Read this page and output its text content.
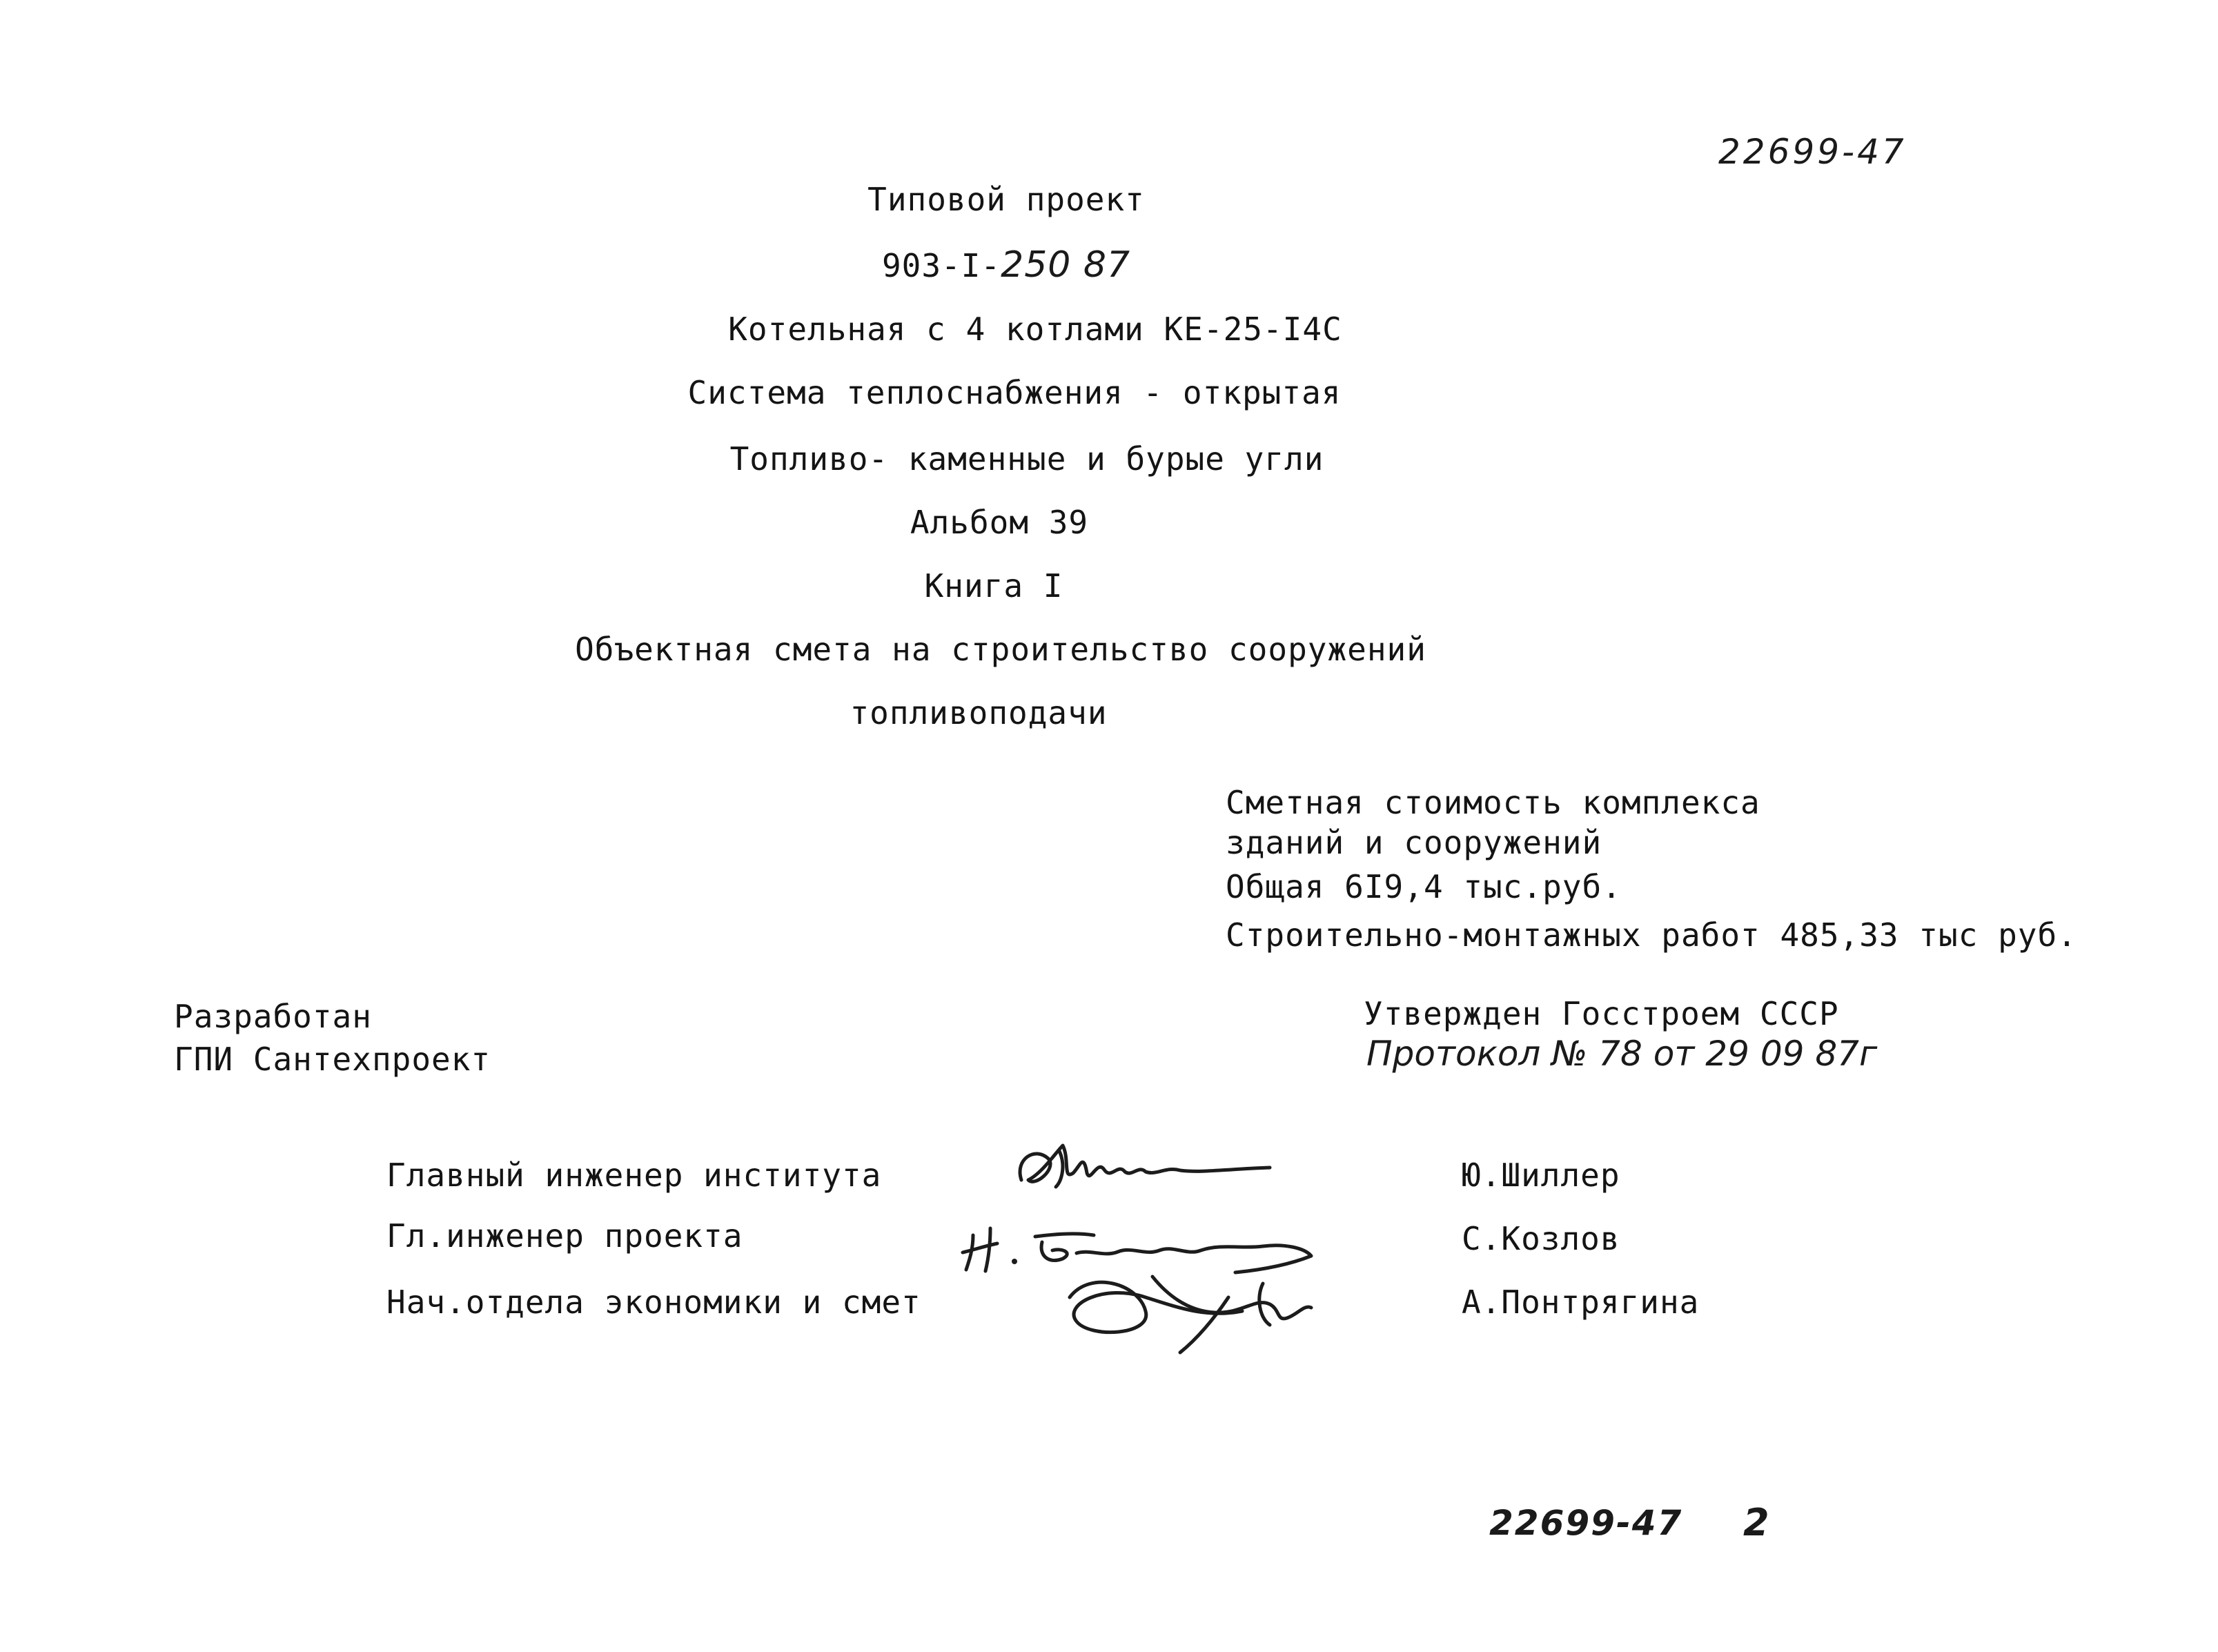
22699-47
Типовой проект
903-I-250 87
Котельная с 4 котлами КЕ-25-I4С
Система теплоснабжения - открытая
Топливо- каменные и бурые угли
Альбом 39
Книга I
Объектная смета на строительство сооружений
топливоподачи
Сметная стоимость комплекса
зданий и сооружений
Общая 6I9,4 тыс.руб.
Строительно-монтажных работ 485,33 тыс руб.
Разработан
ГПИ Сантехпроект
Утвержден Госстроем СССР
Протокол № 78 от 29 09 87г
Главный инженер института
Гл.инженер проекта
Нач.отдела экономики и смет
Ю.Шиллер
С.Козлов
А.Понтрягина
22699-47 2
